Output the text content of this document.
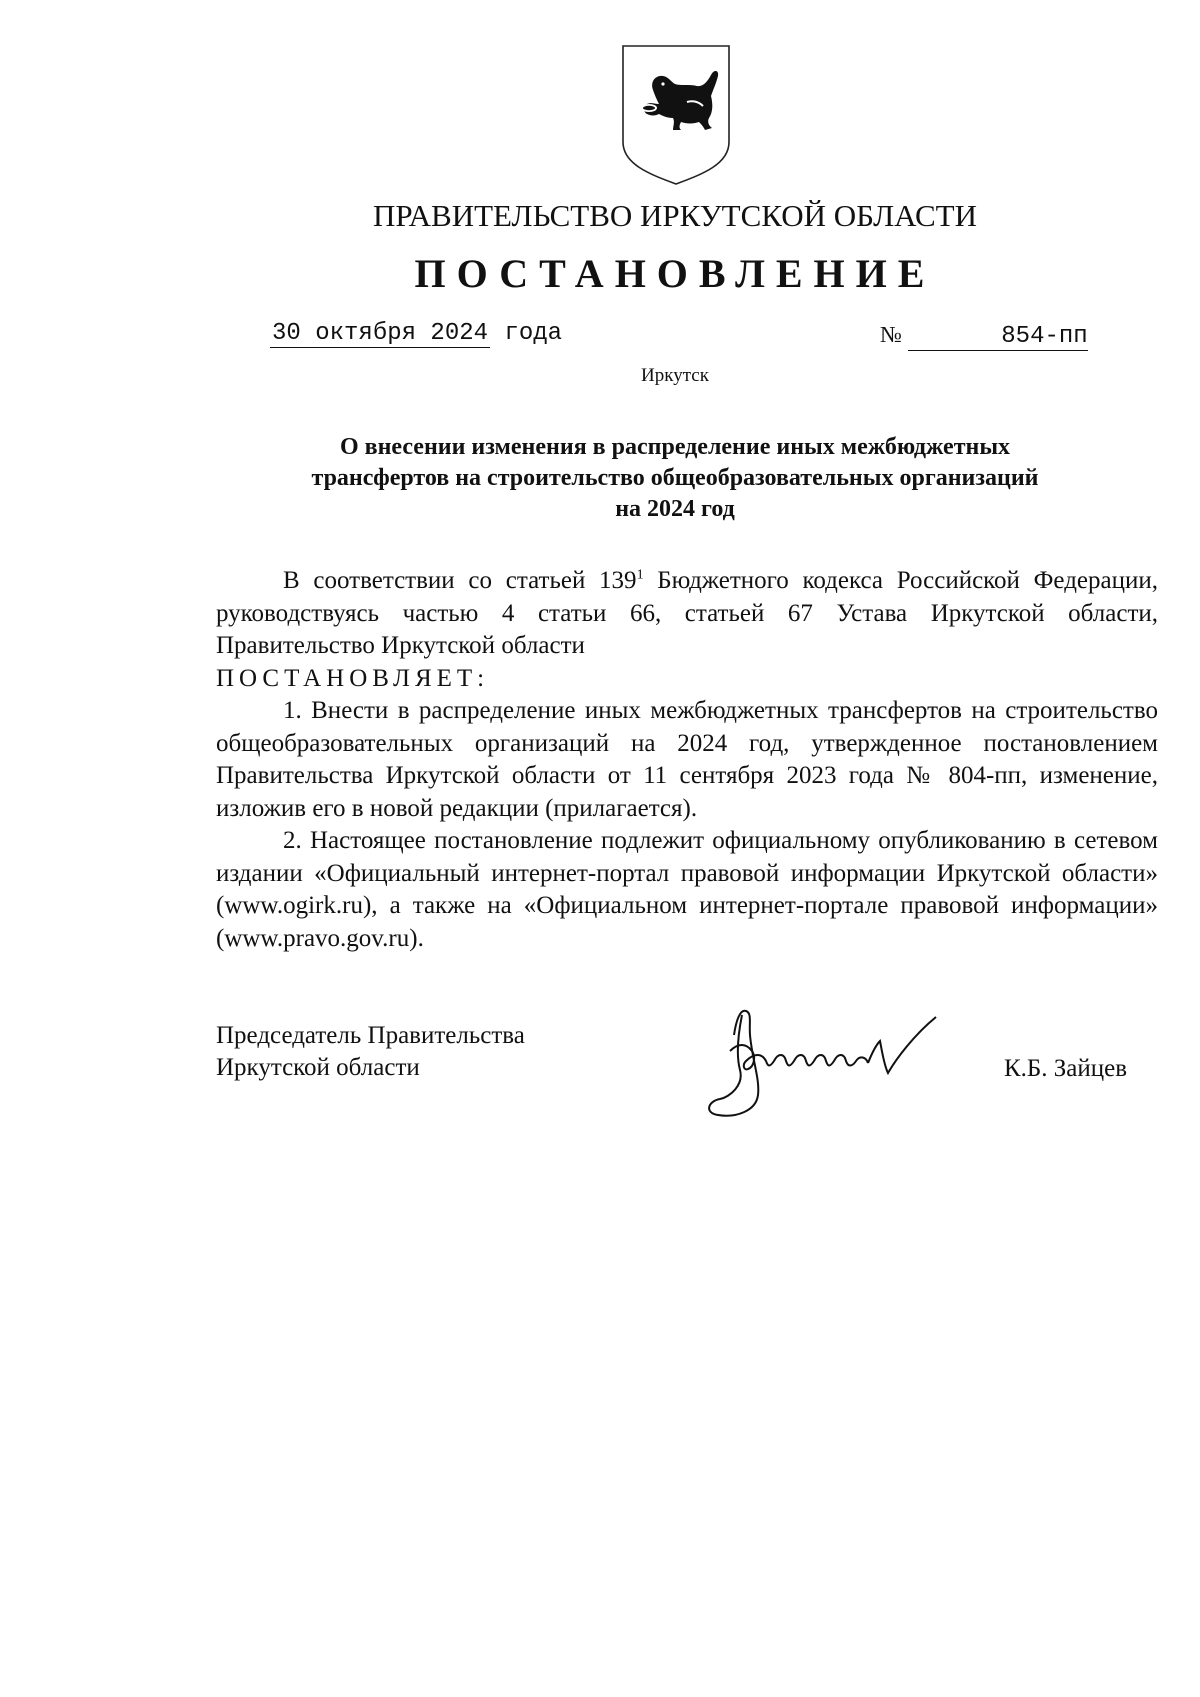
ПРАВИТЕЛЬСТВО ИРКУТСКОЙ ОБЛАСТИ
ПОСТАНОВЛЕНИЕ
30 октября 2024 года	№	854-пп
Иркутск
О внесении изменения в распределение иных межбюджетных
трансфертов на строительство общеобразовательных организаций
на 2024 год

В соответствии со статьей $139^1$ Бюджетного кодекса Российской Федерации, руководствуясь частью 4 статьи 66, статьей 67 Устава Иркутской области, Правительство Иркутской области

ПОСТАНОВЛЯЕТ:

1. Внести в распределение иных межбюджетных трансфертов на строительство общеобразовательных организаций на 2024 год, утвержденное постановлением Правительства Иркутской области от 11 сентября 2023 года № 804-пп, изменение, изложив его в новой редакции (прилагается).

2. Настоящее постановление подлежит официальному опубликованию в сетевом издании «Официальный интернет-портал правовой информации Иркутской области» (www.ogirk.ru), а также на «Официальном интернет-портале правовой информации» (www.pravo.gov.ru).

Председатель Правительства
Иркутской области	К.Б. Зайцев
